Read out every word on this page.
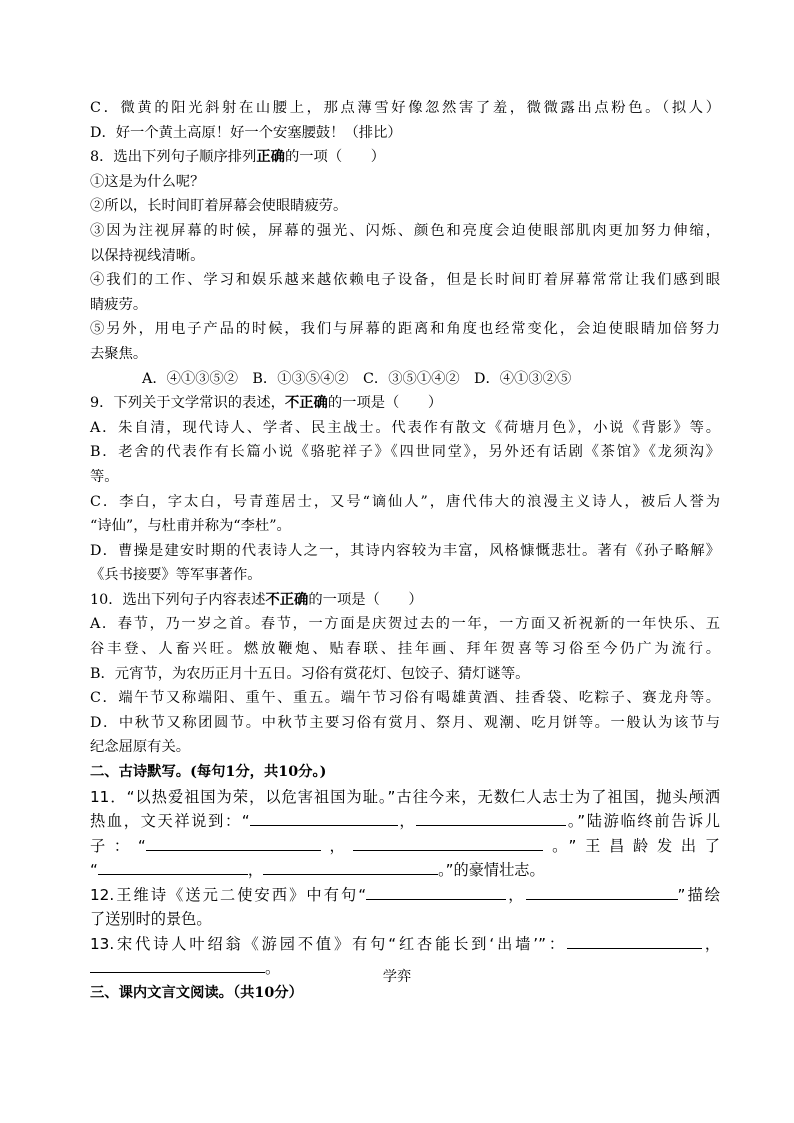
C．微黄的阳光斜射在山腰上，那点薄雪好像忽然害了羞，微微露出点粉色。（拟人）
D．好一个黄土高原！好一个安塞腰鼓！（排比）
8．选出下列句子顺序排列正确的一项（　　）
①这是为什么呢？
②所以，长时间盯着屏幕会使眼睛疲劳。
③因为注视屏幕的时候，屏幕的强光、闪烁、颜色和亮度会迫使眼部肌肉更加努力伸缩，
以保持视线清晰。
④我们的工作、学习和娱乐越来越依赖电子设备，但是长时间盯着屏幕常常让我们感到眼
睛疲劳。
⑤另外，用电子产品的时候，我们与屏幕的距离和角度也经常变化，会迫使眼睛加倍努力
去聚焦。
A．④①③⑤②　B．①③⑤④②　C．③⑤①④②　D．④①③②⑤
9．下列关于文学常识的表述，不正确的一项是（　　）
A．朱自清，现代诗人、学者、民主战士。代表作有散文《荷塘月色》，小说《背影》等。
B．老舍的代表作有长篇小说《骆驼祥子》《四世同堂》，另外还有话剧《茶馆》《龙须沟》
等。
C．李白，字太白，号青莲居士，又号“谪仙人”，唐代伟大的浪漫主义诗人，被后人誉为
“诗仙”，与杜甫并称为“李杜”。
D．曹操是建安时期的代表诗人之一，其诗内容较为丰富，风格慷慨悲壮。著有《孙子略解》
《兵书接要》等军事著作。
10．选出下列句子内容表述不正确的一项是（　　）
A．春节，乃一岁之首。春节，一方面是庆贺过去的一年，一方面又祈祝新的一年快乐、五
谷丰登、人畜兴旺。燃放鞭炮、贴春联、挂年画、拜年贺喜等习俗至今仍广为流行。
B．元宵节，为农历正月十五日。习俗有赏花灯、包饺子、猜灯谜等。
C．端午节又称端阳、重午、重五。端午节习俗有喝雄黄酒、挂香袋、吃粽子、赛龙舟等。
D．中秋节又称团圆节。中秋节主要习俗有赏月、祭月、观潮、吃月饼等。一般认为该节与
纪念屈原有关。
二、古诗默写。(每句1分，共10分。)
11．“以热爱祖国为荣，以危害祖国为耻。”古往今来，无数仁人志士为了祖国，抛头颅洒
热血，文天祥说到：“	，	。”陆游临终前告诉儿
子：“	，	。”王昌龄发出了
“	，	。”的豪情壮志。
12.王维诗《送元二使安西》中有句“	，	”描绘
了送别时的景色。
13.宋代诗人叶绍翁《游园不值》有句“红杏能长到‘出墙’”：	，
。
三、课内文言文阅读。（共10分）
学弈
